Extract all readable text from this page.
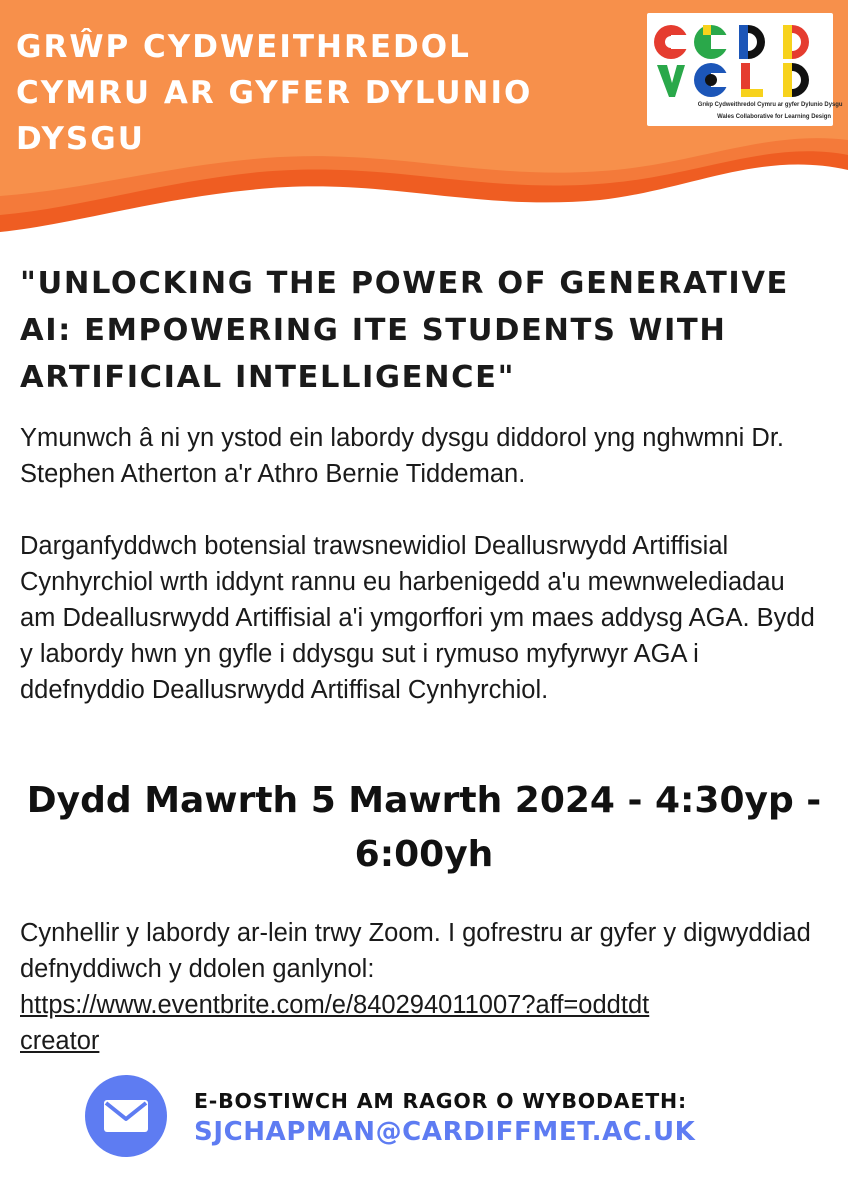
GRŴP CYDWEITHREDOL CYMRU AR GYFER DYLUNIO DYSGU
Grŵp Cydweithredol Cymru ar gyfer Dylunio Dysgu
Wales Collaborative for Learning Design
"UNLOCKING THE POWER OF GENERATIVE AI: EMPOWERING ITE STUDENTS WITH ARTIFICIAL INTELLIGENCE"

Ymunwch â ni yn ystod ein labordy dysgu diddorol yng nghwmni Dr. Stephen Atherton a'r Athro Bernie Tiddeman.

Darganfyddwch botensial trawsnewidiol Deallusrwydd Artiffisial Cynhyrchiol wrth iddynt rannu eu harbenigedd a'u mewnwelediadau am Ddeallusrwydd Artiffisial a'i ymgorffori ym maes addysg AGA. Bydd y labordy hwn yn gyfle i ddysgu sut i rymuso myfyrwyr AGA i ddefnyddio Deallusrwydd Artiffisal Cynhyrchiol.

Dydd Mawrth 5 Mawrth 2024 - 4:30yp - 6:00yh
Cynhellir y labordy ar-lein trwy Zoom. I gofrestru ar gyfer y digwyddiad defnyddiwch y ddolen ganlynol:
https://www.eventbrite.com/e/840294011007?aff=oddtdtcreator
E-BOSTIWCH AM RAGOR O WYBODAETH:
SJCHAPMAN@CARDIFFMET.AC.UK
